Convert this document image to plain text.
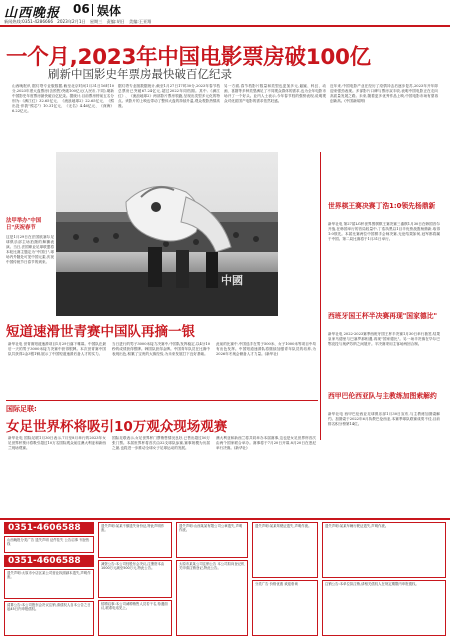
山西晚报	06 娱体
新闻热线:0351-4286666　2023年2月1日　星期三　责编:胡日　美编:王亚翔
一个月,2023年中国电影票房破100亿
刷新中国影史年票房最快破百亿纪录
山西晚报讯 据灯塔专业版数据,截至北京时间1月31日16时10分,2023年度大盘票房(含预售)突破100亿元(人民币,下同),刷新中国影史年度票房最快破百亿纪录。据统计,目前票房榜前五名分别为:《满江红》32.65亿元、《流浪地球2》22.65亿元、《熊出没·伴我"熊芯"》10.31亿元、《无名》4.46亿元、《深海》6.22亿元。
据灯塔专业版数据统计,截至1月27日17时30分,2023年春节档总票房已突破67.24亿元,超过2022年同档期。其中,《满江红》、《流浪地球2》两部影片票房领跑,呈现出类型多元化的特点。该影片的上映也带动了整体大盘的持续升温,观众观影热情高涨。
另一方面,春节档影片数量和类型也更加多元,悬疑、科幻、动画、喜剧等多种类型满足了不同观众群体的需求,也为全年电影市场开了一个好头。业内人士表示,今年春节档的强势表现,说明观众对优质国产电影的需求依然旺盛。
近年来,中国电影产业在经历了疫情冲击后逐步复苏,2023年开年即迎来强劲表现。多部影片口碑与票房双丰收,表明中国电影正在走向高质量发展之路。未来,随着更多优秀作品上映,中国电影市场有望再创新高。(中国新闻网)
中國
法甲举办"中国日"庆祝春节
这是1月29日在法国欧塞尔足球俱乐部主场拍摄的舞狮表演。当日,法国职业足球联盟将本轮比赛主题定为"中国日",球场内外随处可见中国元素,庆祝中国传统节日春节的到来。
世界棋王赛决赛丁浩1:0领先杨鼎新
新华社电 第27届LG杯世界围棋棋王赛决赛三番棋1月30日在韩国首尔开战,在韩国举行的首局较量中,丁浩执黑以1目半优势战胜杨鼎新,取得1:0领先。本届比赛两位中国棋手会师决赛,无论结果如何,冠军都将属于中国。第二局比赛将于1月31日举行。
西班牙国王杯半决赛再现"国家德比"
新华社电 2022-2023赛季西班牙国王杯半决赛1月30日举行抽签,结果皇家马德里与巴塞罗那相遇,再现"国家德比"。另一场半决赛在毕尔巴鄂竞技与奥萨苏纳之间展开。半决赛采用主客场两回合制。
西甲巴伦西亚队与主教练加图索解约
新华社电 西甲巴伦西亚足球俱乐部1月30日宣布,与主教练加图索解约。加图索于2022年6月执教巴伦西亚,本赛季球队联赛成绩不佳,目前排名积分榜第14位。
短道速滑世青赛中国队再摘一银
新华社电 世青赛短道速滑项目1月29日落下帷幕。中国队在最后一天的男子3000米接力决赛中获得银牌。本次世青赛中国队共获得2金3银1铜,展示了中国短道速滑后备人才的实力。
当日进行的男子3000米接力决赛中,中国队发挥稳定,以4分10秒的成绩获得银牌。韩国队获得金牌。中国青年队员在比赛中表现出色,积累了宝贵的大赛经验,为未来发展打下良好基础。
此前的比赛中,中国选手在男子500米、女子1000米等项目中均有出色发挥。中国短道速滑队将继续加强青年队员的培养,为2026年冬奥会储备人才力量。(新华社)
国际足联:
女足世界杯将吸引10万观众现场观赛
新华社电 国际足联1月30日表示,7月至8月举行的2023年女足世界杯预计将吸引超过10万名国际观众前往澳大利亚和新西兰现场观赛。
国际足联表示,女足世界杯门票销售情况良好,已售出超过50万张门票。本届世界杯将首次由32支球队参赛,赛事规模为历届之最,也将进一步推动全球女子足球运动的发展。
澳大利亚和新西兰将共同举办本届赛事,这也是女足世界杯首次由两个国家联合举办。赛事将于7月20日开幕,8月20日在悉尼举行决赛。(新华社)
0351-4606588
0351-4606588
山西晚报分类广告 遗失声明 证件挂失 公告启事 刊登热线
遗失声明:太原市小店区某公司营业执照副本遗失,声明作废。
清算公告:本公司股东会决议注销,请债权人自本公告之日起45日内申报债权。
遗失声明:某某不慎遗失身份证,特此声明作废。
减资公告:本公司经股东会决议,注册资本由1000万元减至500万元,特此公告。
招聘启事:本公司诚聘销售人员若干名,待遇面议,联系电话见上。
遗失声明:山西某某有限公司公章遗失,声明作废。
太原市某某公司注销公告 本公司拟向登记机关申请注销登记,特此公告。
遗失声明:某某驾驶证遗失,声明作废。
分类广告 价格优惠 欢迎垂询
遗失声明:某某车辆行驶证遗失,声明作废。
注销公告:本单位拟注销,请相关债权人在规定期限内申报债权。
